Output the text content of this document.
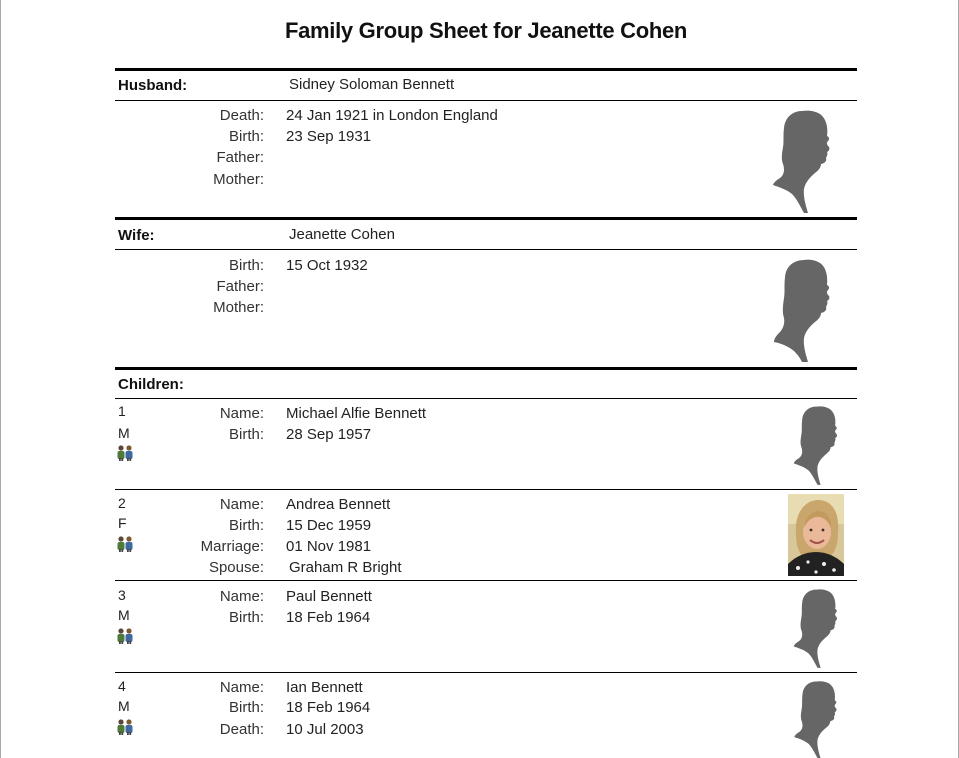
Family Group Sheet for Jeanette Cohen
Husband:	Sidney Soloman Bennett
Death: 24 Jan 1921 in London England
Birth: 23 Sep 1931
Father:
Mother:
Wife:	Jeanette Cohen
Birth: 15 Oct 1932
Father:
Mother:
Children:
1
M
Name: Michael Alfie Bennett
Birth: 28 Sep 1957
2
F
Name: Andrea Bennett
Birth: 15 Dec 1959
Marriage: 01 Nov 1981
Spouse: Graham R Bright
3
M
Name: Paul Bennett
Birth: 18 Feb 1964
4
M
Name: Ian Bennett
Birth: 18 Feb 1964
Death: 10 Jul 2003
